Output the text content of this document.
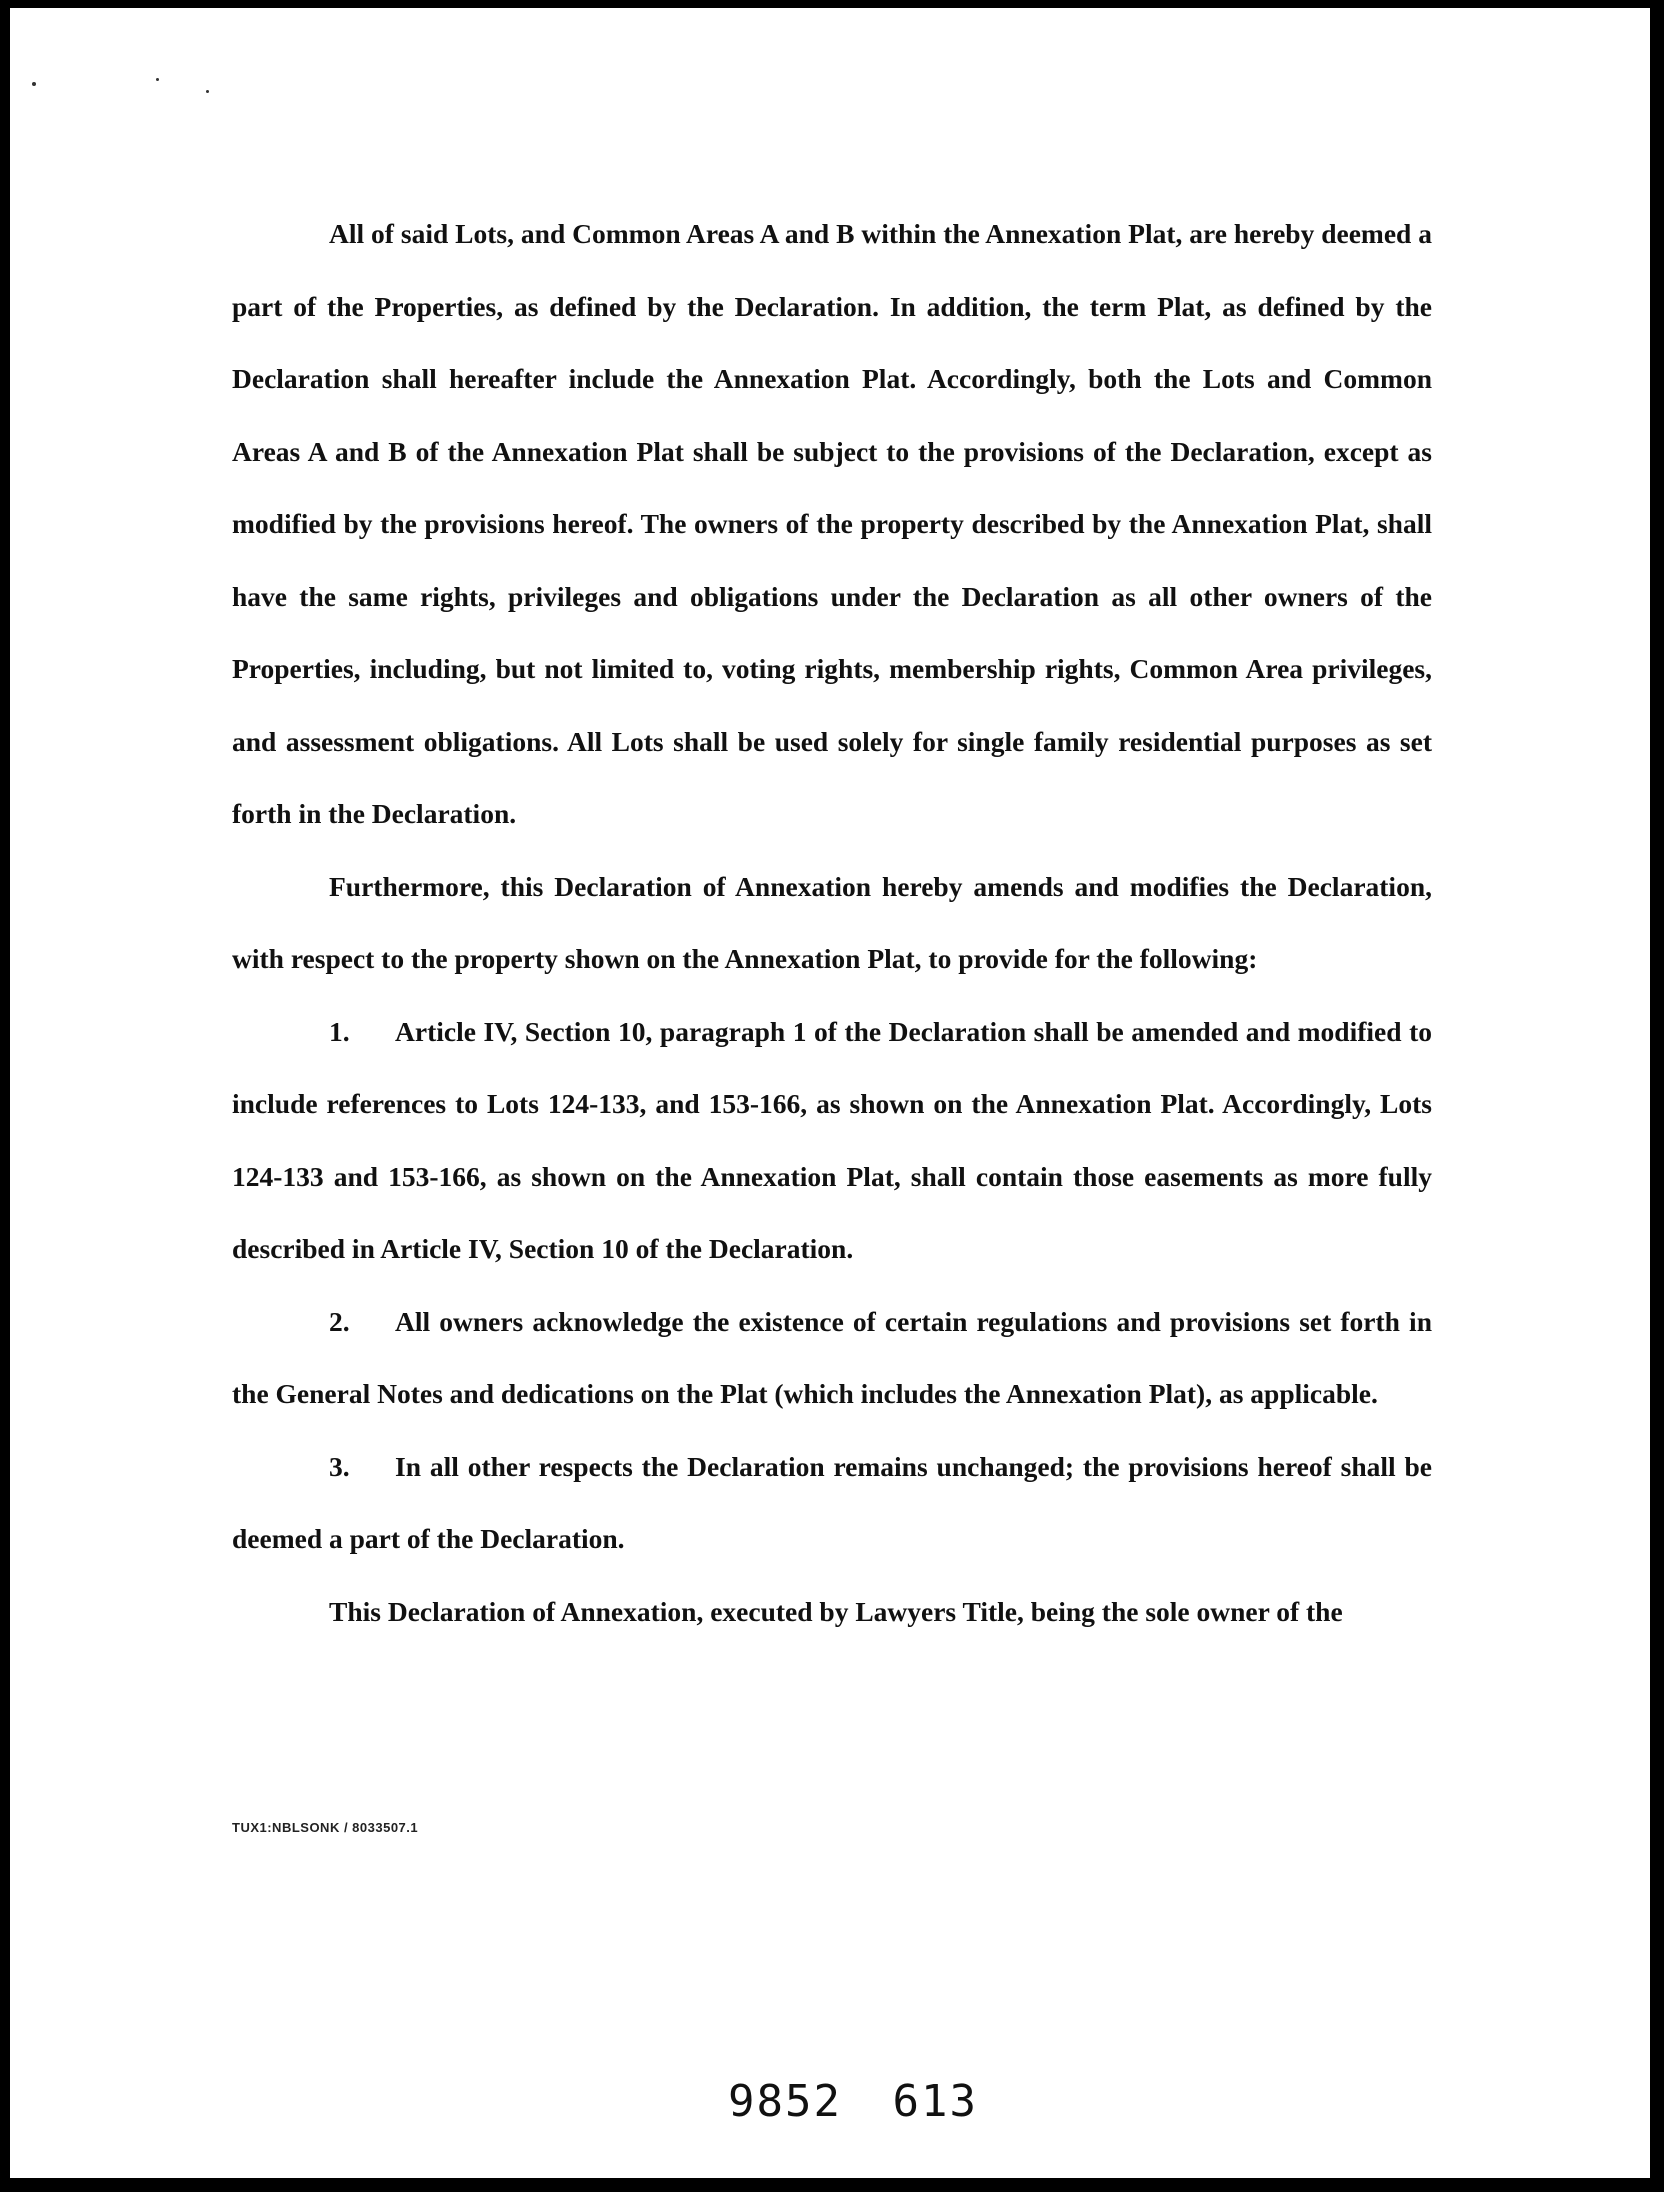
All of said Lots, and Common Areas A and B within the Annexation Plat, are hereby deemed a part of the Properties, as defined by the Declaration. In addition, the term Plat, as defined by the Declaration shall hereafter include the Annexation Plat. Accordingly, both the Lots and Common Areas A and B of the Annexation Plat shall be subject to the provisions of the Declaration, except as modified by the provisions hereof. The owners of the property described by the Annexation Plat, shall have the same rights, privileges and obligations under the Declaration as all other owners of the Properties, including, but not limited to, voting rights, membership rights, Common Area privileges, and assessment obligations. All Lots shall be used solely for single family residential purposes as set forth in the Declaration.

Furthermore, this Declaration of Annexation hereby amends and modifies the Declaration, with respect to the property shown on the Annexation Plat, to provide for the following:

1. Article IV, Section 10, paragraph 1 of the Declaration shall be amended and modified to include references to Lots 124-133, and 153-166, as shown on the Annexation Plat. Accordingly, Lots 124-133 and 153-166, as shown on the Annexation Plat, shall contain those easements as more fully described in Article IV, Section 10 of the Declaration.

2. All owners acknowledge the existence of certain regulations and provisions set forth in the General Notes and dedications on the Plat (which includes the Annexation Plat), as applicable.

3. In all other respects the Declaration remains unchanged; the provisions hereof shall be deemed a part of the Declaration.

This Declaration of Annexation, executed by Lawyers Title, being the sole owner of the

TUX1:NBLSONK / 8033507.1
9852 613
